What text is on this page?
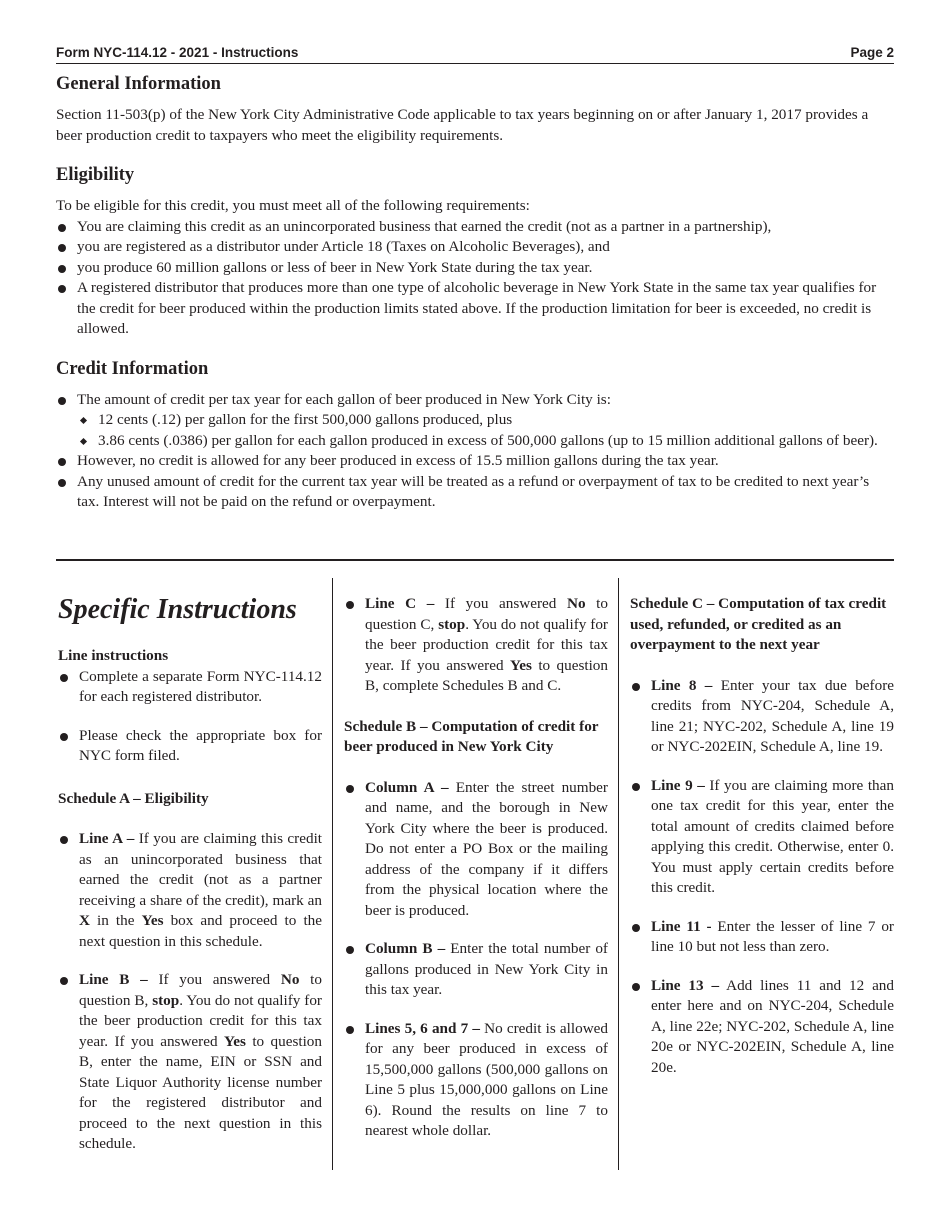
Form NYC-114.12 - 2021 - Instructions	Page 2
General Information

Section 11-503(p) of the New York City Administrative Code applicable to tax years beginning on or after January 1, 2017 provides a beer production credit to taxpayers who meet the eligibility requirements.

Eligibility

To be eligible for this credit, you must meet all of the following requirements:

You are claiming this credit as an unincorporated business that earned the credit (not as a partner in a partnership),
you are registered as a distributor under Article 18 (Taxes on Alcoholic Beverages), and
you produce 60 million gallons or less of beer in New York State during the tax year.
A registered distributor that produces more than one type of alcoholic beverage in New York State in the same tax year qualifies for the credit for beer produced within the production limits stated above. If the production limitation for beer is exceeded, no credit is allowed.
Credit Information
The amount of credit per tax year for each gallon of beer produced in New York City is:
12 cents (.12) per gallon for the first 500,000 gallons produced, plus
3.86 cents (.0386) per gallon for each gallon produced in excess of 500,000 gallons (up to 15 million additional gallons of beer).
However, no credit is allowed for any beer produced in excess of 15.5 million gallons during the tax year.
Any unused amount of credit for the current tax year will be treated as a refund or overpayment of tax to be credited to next year’s tax. Interest will not be paid on the refund or overpayment.
Specific Instructions

Line instructions

Complete a separate Form NYC-114.12 for each registered distributor.
Please check the appropriate box for NYC form filed.

Schedule A – Eligibility

Line A – If you are claiming this credit as an unincorporated business that earned the credit (not as a partner receiving a share of the credit), mark an X in the Yes box and proceed to the next question in this schedule.
Line B – If you answered No to question B, stop. You do not qualify for the beer production credit for this tax year. If you answered Yes to question B, enter the name, EIN or SSN and State Liquor Authority license number for the registered distributor and proceed to the next question in this schedule.
Line C – If you answered No to question C, stop. You do not qualify for the beer production credit for this tax year. If you answered Yes to question B, complete Schedules B and C.

Schedule B – Computation of credit for beer produced in New York City

Column A – Enter the street number and name, and the borough in New York City where the beer is produced. Do not enter a PO Box or the mailing address of the company if it differs from the physical location where the beer is produced.
Column B – Enter the total number of gallons produced in New York City in this tax year.
Lines 5, 6 and 7 – No credit is allowed for any beer produced in excess of 15,500,000 gallons (500,000 gallons on Line 5 plus 15,000,000 gallons on Line 6). Round the results on line 7 to nearest whole dollar.

Schedule C – Computation of tax credit used, refunded, or credited as an overpayment to the next year

Line 8 – Enter your tax due before credits from NYC-204, Schedule A, line 21; NYC-202, Schedule A, line 19 or NYC-202EIN, Schedule A, line 19.
Line 9 – If you are claiming more than one tax credit for this year, enter the total amount of credits claimed before applying this credit. Otherwise, enter 0. You must apply certain credits before this credit.
Line 11 - Enter the lesser of line 7 or line 10 but not less than zero.
Line 13 – Add lines 11 and 12 and enter here and on NYC-204, Schedule A, line 22e; NYC-202, Schedule A, line 20e or NYC-202EIN, Schedule A, line 20e.
